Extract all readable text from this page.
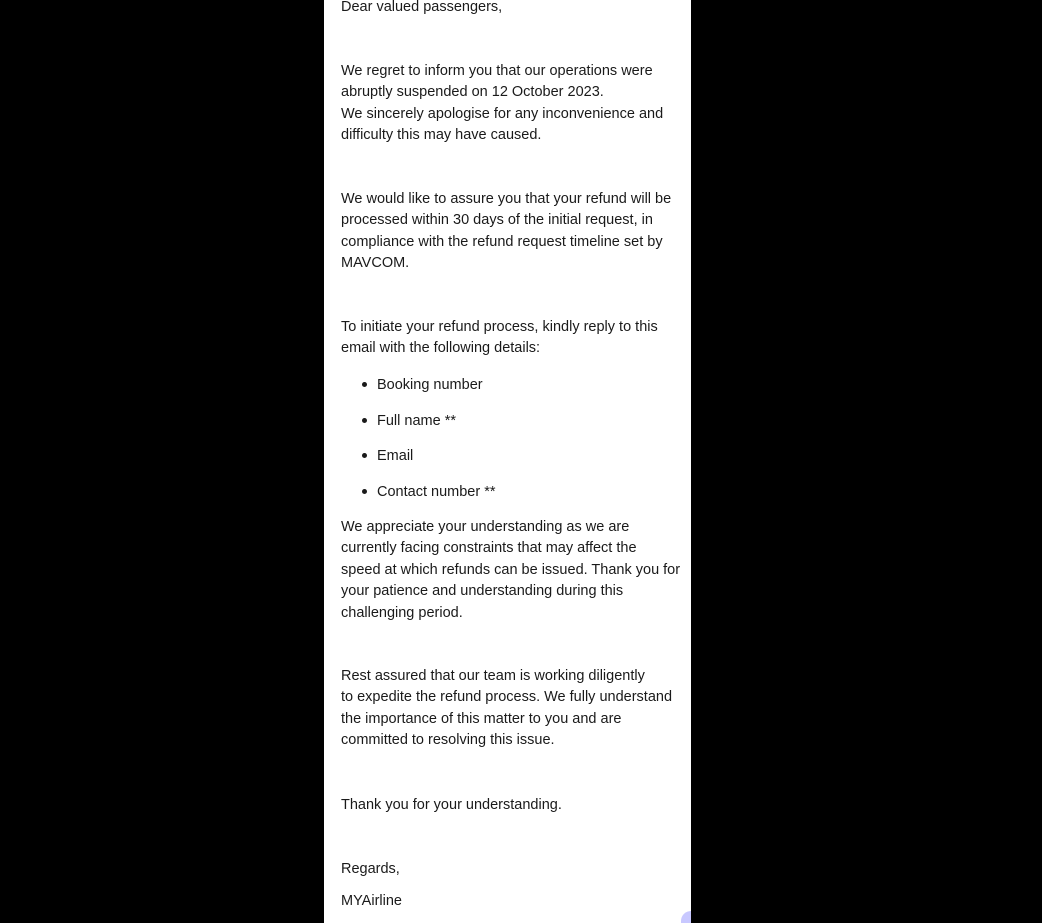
Dear valued passengers,
We regret to inform you that our operations were
abruptly suspended on 12 October 2023.
We sincerely apologise for any inconvenience and
difficulty this may have caused.
We would like to assure you that your refund will be
processed within 30 days of the initial request, in
compliance with the refund request timeline set by
MAVCOM.
To initiate your refund process, kindly reply to this
email with the following details:
Booking number
Full name **
Email
Contact number **
We appreciate your understanding as we are
currently facing constraints that may affect the
speed at which refunds can be issued. Thank you for
your patience and understanding during this
challenging period.
Rest assured that our team is working diligently
to expedite the refund process. We fully understand
the importance of this matter to you and are
committed to resolving this issue.
Thank you for your understanding.
Regards,
MYAirline
